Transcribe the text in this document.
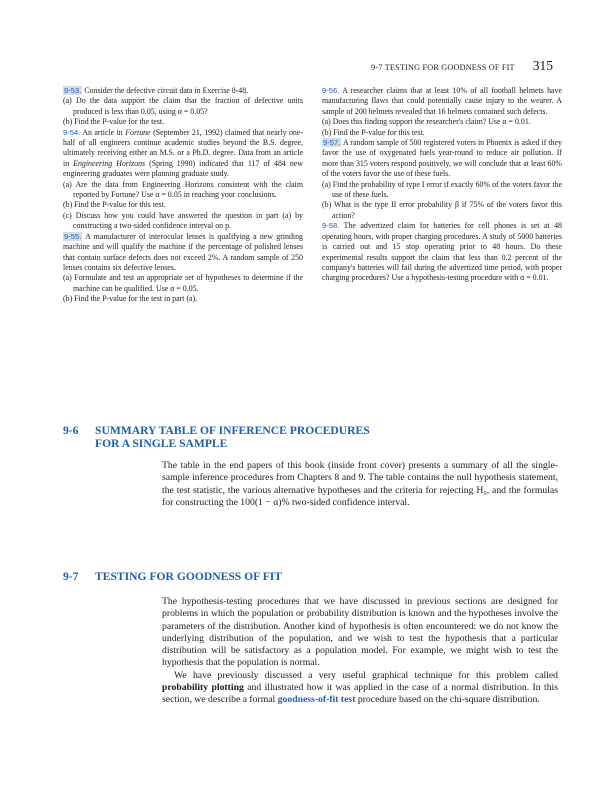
9-7 TESTING FOR GOODNESS OF FIT 315

9-53. Consider the defective circuit data in Exercise 8-48.

(a) Do the data support the claim that the fraction of defective units produced is less than 0.05, using α = 0.05?

(b) Find the P-value for the test.

9-54. An article in Fortune (September 21, 1992) claimed that nearly one-half of all engineers continue academic studies beyond the B.S. degree, ultimately receiving either an M.S. or a Ph.D. degree. Data from an article in Engineering Horizons (Spring 1990) indicated that 117 of 484 new engineering graduates were planning graduate study.

(a) Are the data from Engineering Horizons consistent with the claim reported by Fortune? Use α = 0.05 in reaching your conclusions.

(b) Find the P-value for this test.

(c) Discuss how you could have answered the question in part (a) by constructing a two-sided confidence interval on p.

9-55. A manufacturer of interocular lenses is qualifying a new grinding machine and will qualify the machine if the percentage of polished lenses that contain surface defects does not exceed 2%. A random sample of 250 lenses contains six defective lenses.

(a) Formulate and test an appropriate set of hypotheses to determine if the machine can be qualified. Use α = 0.05.

(b) Find the P-value for the test in part (a).

9-56. A researcher claims that at least 10% of all football helmets have manufacturing flaws that could potentially cause injury to the wearer. A sample of 200 helmets revealed that 16 helmets contained such defects.

(a) Does this finding support the researcher's claim? Use α = 0.01.

(b) Find the P-value for this test.

9-57. A random sample of 500 registered voters in Phoenix is asked if they favor the use of oxygenated fuels year-round to reduce air pollution. If more than 315 voters respond positively, we will conclude that at least 60% of the voters favor the use of these fuels.

(a) Find the probability of type I error if exactly 60% of the voters favor the use of these fuels.

(b) What is the type II error probability β if 75% of the voters favor this action?

9-58. The advertized claim for batteries for cell phones is set at 48 operating hours, with proper charging procedures. A study of 5000 batteries is carried out and 15 stop operating prior to 48 hours. Do these experimental results support the claim that less than 0.2 percent of the company's batteries will fail during the advertized time period, with proper charging procedures? Use a hypothesis-testing procedure with α = 0.01.

9-6 SUMMARY TABLE OF INFERENCE PROCEDURES
FOR A SINGLE SAMPLE

The table in the end papers of this book (inside front cover) presents a summary of all the single-sample inference procedures from Chapters 8 and 9. The table contains the null hypothesis statement, the test statistic, the various alternative hypotheses and the criteria for rejecting H₀, and the formulas for constructing the 100(1 − α)% two-sided confidence interval.

9-7 TESTING FOR GOODNESS OF FIT

The hypothesis-testing procedures that we have discussed in previous sections are designed for problems in which the population or probability distribution is known and the hypotheses involve the parameters of the distribution. Another kind of hypothesis is often encountered: we do not know the underlying distribution of the population, and we wish to test the hypothesis that a particular distribution will be satisfactory as a population model. For example, we might wish to test the hypothesis that the population is normal.

We have previously discussed a very useful graphical technique for this problem called probability plotting and illustrated how it was applied in the case of a normal distribution. In this section, we describe a formal goodness-of-fit test procedure based on the chi-square distribution.
